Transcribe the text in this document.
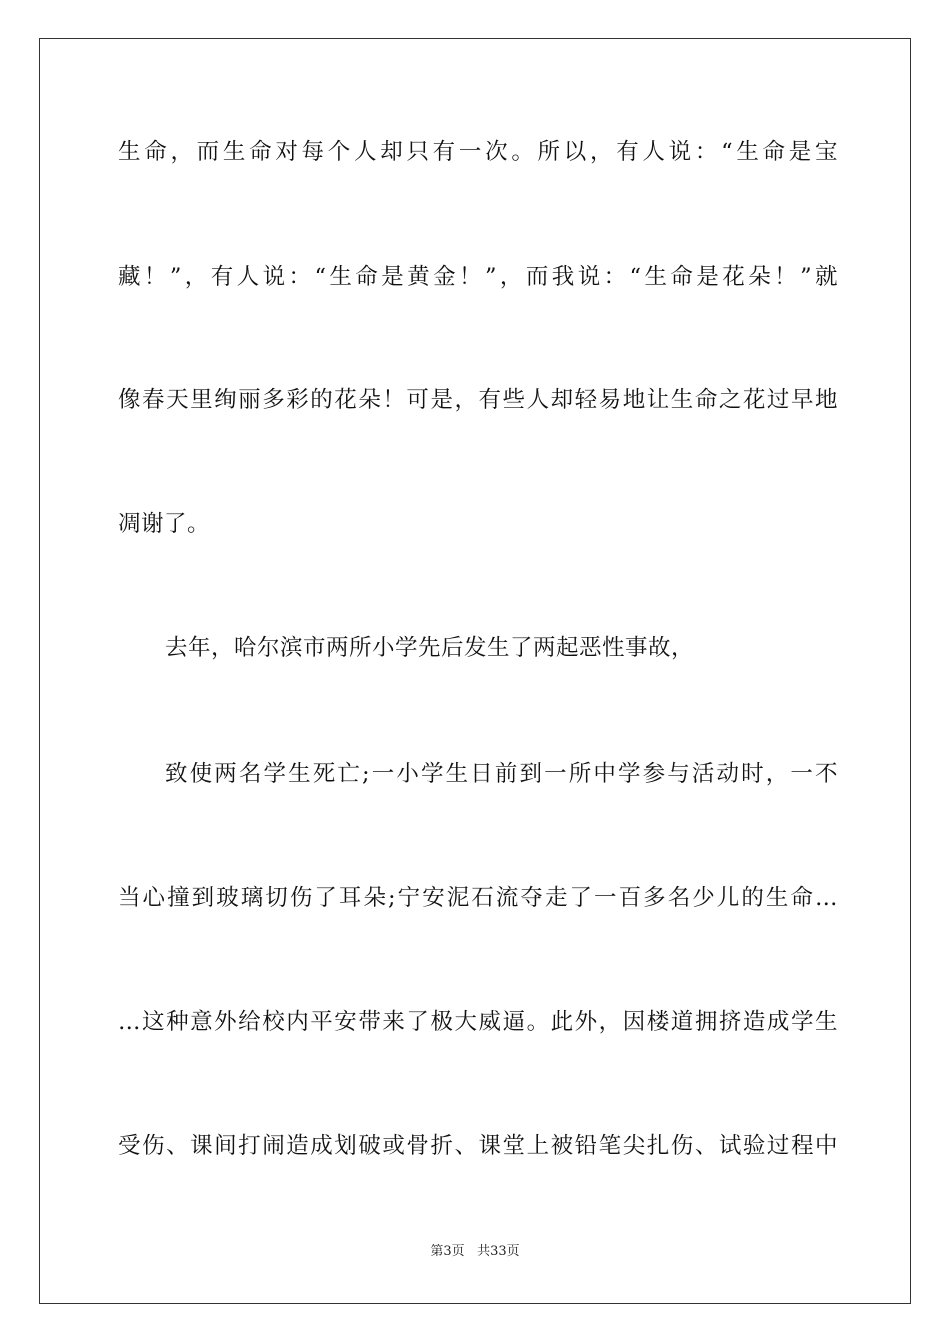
生命，而生命对每个人却只有一次。所以，有人说：“生命是宝
藏！”，有人说：“生命是黄金！”，而我说：“生命是花朵！”就
像春天里绚丽多彩的花朵！可是，有些人却轻易地让生命之花过早地
凋谢了。
去年，哈尔滨市两所小学先后发生了两起恶性事故，
致使两名学生死亡;一小学生日前到一所中学参与活动时，一不
当心撞到玻璃切伤了耳朵;宁安泥石流夺走了一百多名少儿的生命…
…这种意外给校内平安带来了极大威逼。此外，因楼道拥挤造成学生
受伤、课间打闹造成划破或骨折、课堂上被铅笔尖扎伤、试验过程中
第3页 共33页
